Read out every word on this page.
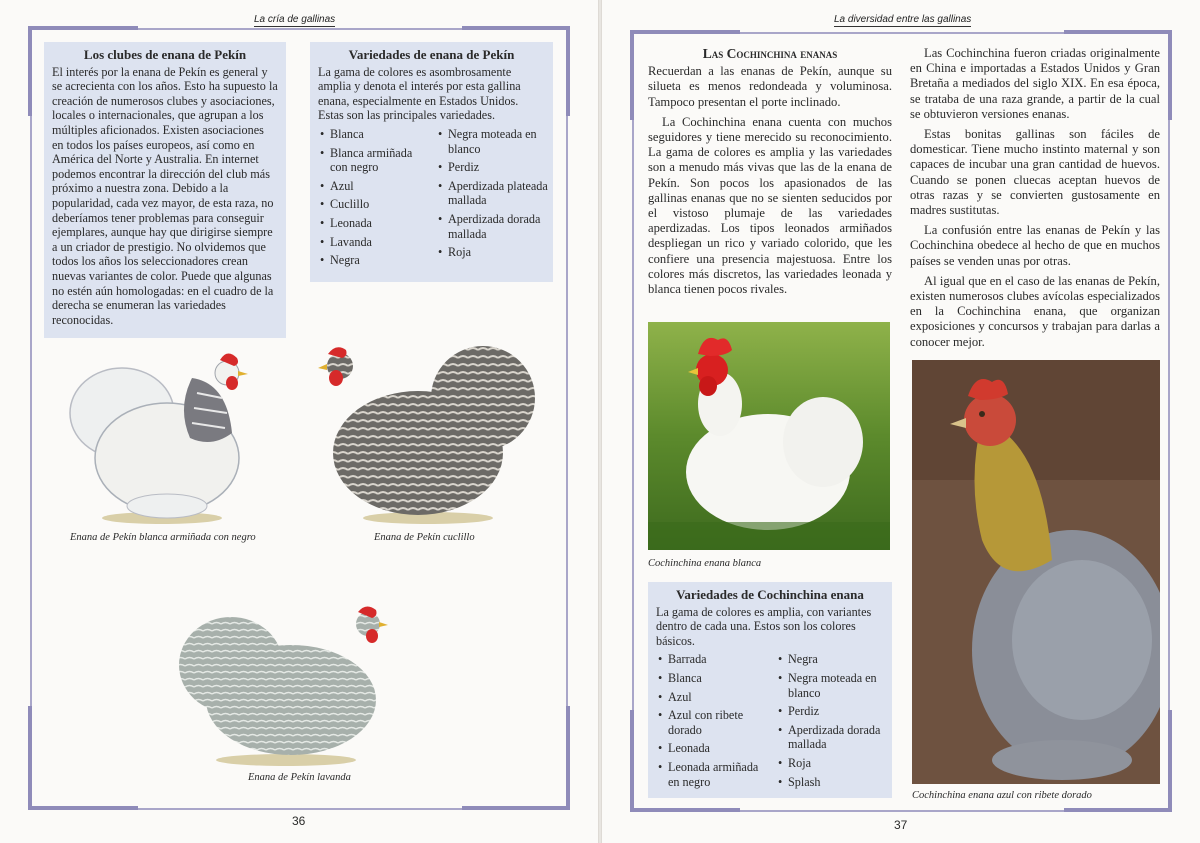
La cría de gallinas
Los clubes de enana de Pekín

El interés por la enana de Pekín es general y se acrecienta con los años. Esto ha supuesto la creación de numerosos clubes y asociaciones, locales o internacionales, que agrupan a los múltiples aficionados. Existen asociaciones en todos los países europeos, así como en América del Norte y Australia. En internet podemos encontrar la dirección del club más próximo a nuestra zona. Debido a la popularidad, cada vez mayor, de esta raza, no deberíamos tener problemas para conseguir ejemplares, aunque hay que dirigirse siempre a un criador de prestigio. No olvidemos que todos los años los seleccionadores crean nuevas variantes de color. Puede que algunas no estén aún homologadas: en el cuadro de la derecha se enumeran las variedades reconocidas.

Variedades de enana de Pekín

La gama de colores es asombrosamente amplia y denota el interés por esta gallina enana, especialmente en Estados Unidos. Estas son las principales variedades.

• Blanca
• Blanca armiñada con negro
• Azul
• Cuclillo
• Leonada
• Lavanda
• Negra
• Negra moteada en blanco
• Perdiz
• Aperdizada plateada mallada
• Aperdizada dorada mallada
• Roja
Enana de Pekín blanca armiñada con negro	Enana de Pekín cuclillo
Enana de Pekín lavanda
36
La diversidad entre las gallinas
Las Cochinchina enanas

Recuerdan a las enanas de Pekín, aunque su silueta es menos redondeada y voluminosa. Tampoco presentan el porte inclinado.

La Cochinchina enana cuenta con muchos seguidores y tiene merecido su reconocimiento. La gama de colores es amplia y las variedades son a menudo más vivas que las de la enana de Pekín. Son pocos los apasionados de las gallinas enanas que no se sienten seducidos por el vistoso plumaje de las variedades aperdizadas. Los tipos leonados armiñados despliegan un rico y variado colorido, que les confiere una presencia majestuosa. Entre los colores más discretos, las variedades leonada y blanca tienen pocos rivales.

Las Cochinchina fueron criadas originalmente en China e importadas a Estados Unidos y Gran Bretaña a mediados del siglo XIX. En esa época, se trataba de una raza grande, a partir de la cual se obtuvieron versiones enanas.

Estas bonitas gallinas son fáciles de domesticar. Tiene mucho instinto maternal y son capaces de incubar una gran cantidad de huevos. Cuando se ponen cluecas aceptan huevos de otras razas y se convierten gustosamente en madres sustitutas.

La confusión entre las enanas de Pekín y las Cochinchina obedece al hecho de que en muchos países se venden unas por otras.

Al igual que en el caso de las enanas de Pekín, existen numerosos clubes avícolas especializados en la Cochinchina enana, que organizan exposiciones y concursos y trabajan para darlas a conocer mejor.

Cochinchina enana blanca
Cochinchina enana azul con ribete dorado
Variedades de Cochinchina enana

La gama de colores es amplia, con variantes dentro de cada una. Estos son los colores básicos.

• Barrada
• Blanca
• Azul
• Azul con ribete dorado
• Leonada
• Leonada armiñada en negro
• Negra
• Negra moteada en blanco
• Perdiz
• Aperdizada dorada mallada
• Roja
• Splash
37
